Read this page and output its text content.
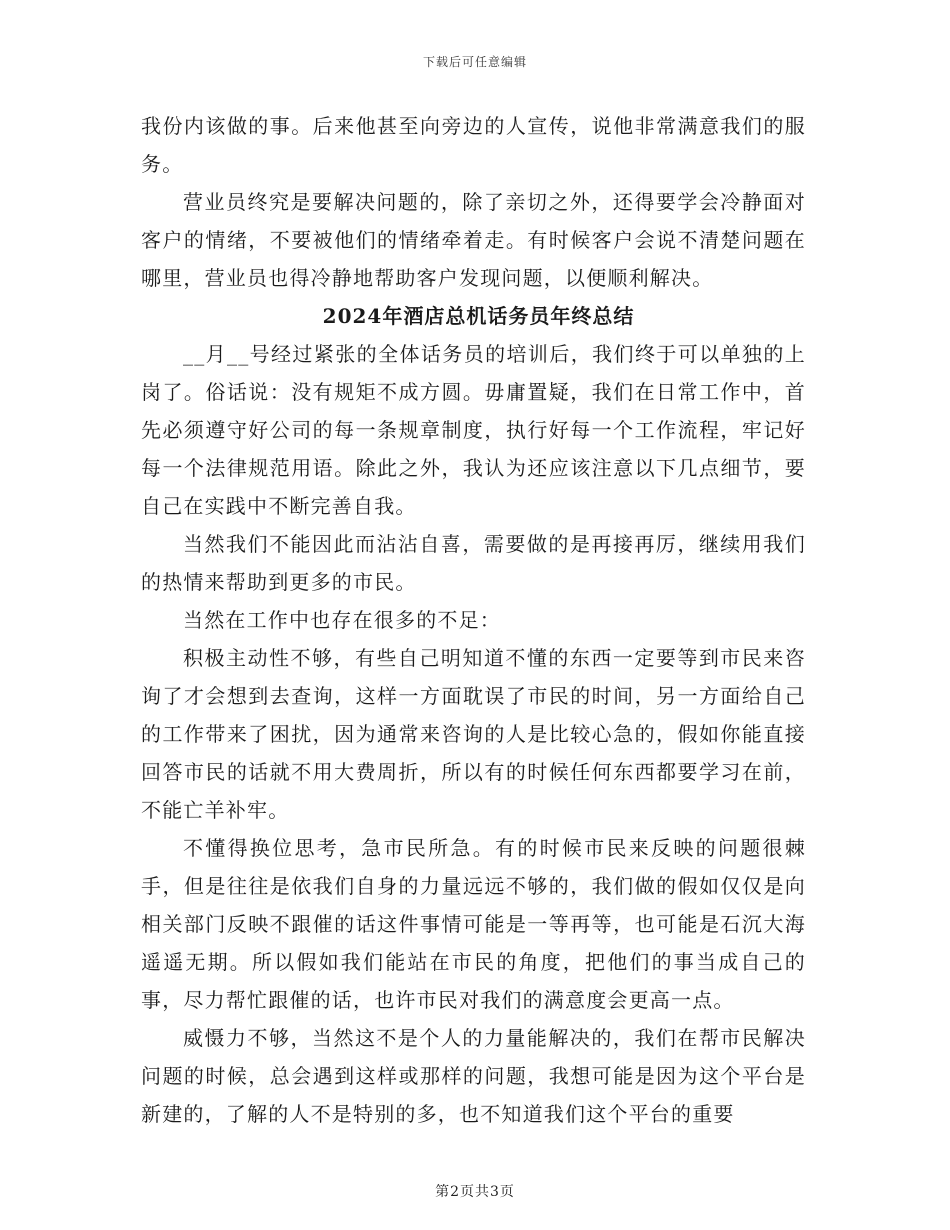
下载后可任意编辑

我份内该做的事。后来他甚至向旁边的人宣传，说他非常满意我们的服务。

营业员终究是要解决问题的，除了亲切之外，还得要学会冷静面对客户的情绪，不要被他们的情绪牵着走。有时候客户会说不清楚问题在哪里，营业员也得冷静地帮助客户发现问题，以便顺利解决。

2024年酒店总机话务员年终总结

__月__号经过紧张的全体话务员的培训后，我们终于可以单独的上岗了。俗话说：没有规矩不成方圆。毋庸置疑，我们在日常工作中，首先必须遵守好公司的每一条规章制度，执行好每一个工作流程，牢记好每一个法律规范用语。除此之外，我认为还应该注意以下几点细节，要自己在实践中不断完善自我。

当然我们不能因此而沾沾自喜，需要做的是再接再厉，继续用我们的热情来帮助到更多的市民。

当然在工作中也存在很多的不足：

积极主动性不够，有些自己明知道不懂的东西一定要等到市民来咨询了才会想到去查询，这样一方面耽误了市民的时间，另一方面给自己的工作带来了困扰，因为通常来咨询的人是比较心急的，假如你能直接回答市民的话就不用大费周折，所以有的时候任何东西都要学习在前，不能亡羊补牢。

不懂得换位思考，急市民所急。有的时候市民来反映的问题很棘手，但是往往是依我们自身的力量远远不够的，我们做的假如仅仅是向相关部门反映不跟催的话这件事情可能是一等再等，也可能是石沉大海遥遥无期。所以假如我们能站在市民的角度，把他们的事当成自己的事，尽力帮忙跟催的话，也许市民对我们的满意度会更高一点。

威慑力不够，当然这不是个人的力量能解决的，我们在帮市民解决问题的时候，总会遇到这样或那样的问题，我想可能是因为这个平台是新建的，了解的人不是特别的多，也不知道我们这个平台的重要

第2页共3页
